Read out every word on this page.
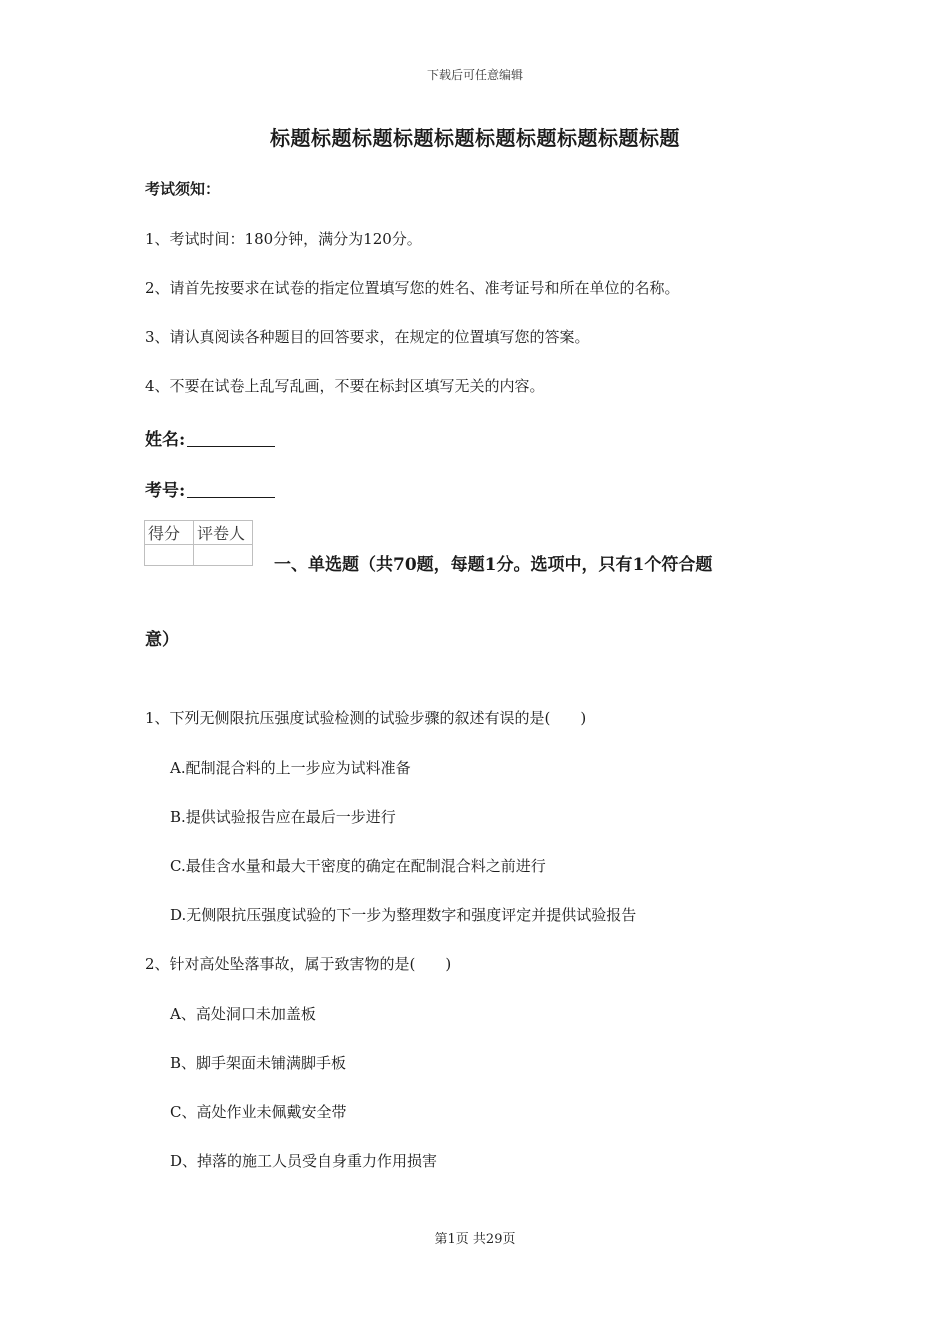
下载后可任意编辑
标题标题标题标题标题标题标题标题标题标题
考试须知：
1、考试时间：180分钟，满分为120分。
2、请首先按要求在试卷的指定位置填写您的姓名、准考证号和所在单位的名称。
3、请认真阅读各种题目的回答要求，在规定的位置填写您的答案。
4、不要在试卷上乱写乱画，不要在标封区填写无关的内容。
姓名:
考号:
得分	评卷人

一、单选题（共70题，每题1分。选项中，只有1个符合题
意）
1、下列无侧限抗压强度试验检测的试验步骤的叙述有误的是(　　)
A.配制混合料的上一步应为试料准备
B.提供试验报告应在最后一步进行
C.最佳含水量和最大干密度的确定在配制混合料之前进行
D.无侧限抗压强度试验的下一步为整理数字和强度评定并提供试验报告
2、针对高处坠落事故，属于致害物的是(　　)
A、高处洞口未加盖板
B、脚手架面未铺满脚手板
C、高处作业未佩戴安全带
D、掉落的施工人员受自身重力作用损害
第1页 共29页
